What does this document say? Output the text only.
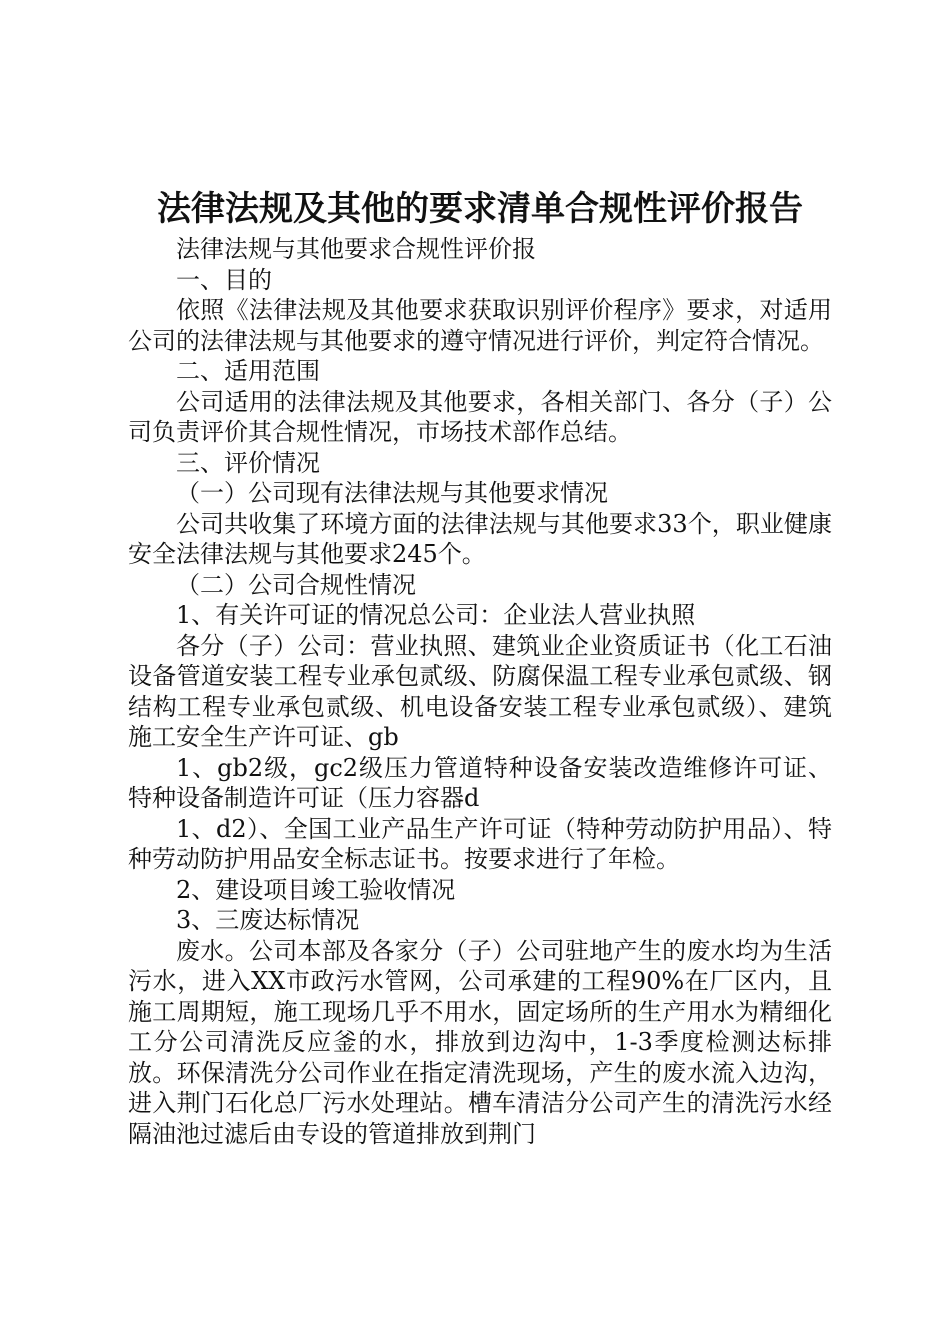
法律法规及其他的要求清单合规性评价报告

法律法规与其他要求合规性评价报

一、目的

依照《法律法规及其他要求获取识别评价程序》要求，对适用公司的法律法规与其他要求的遵守情况进行评价，判定符合情况。

二、适用范围

公司适用的法律法规及其他要求，各相关部门、各分（子）公司负责评价其合规性情况，市场技术部作总结。

三、评价情况

（一）公司现有法律法规与其他要求情况

公司共收集了环境方面的法律法规与其他要求33个，职业健康安全法律法规与其他要求245个。

（二）公司合规性情况

1、有关许可证的情况总公司：企业法人营业执照

各分（子）公司：营业执照、建筑业企业资质证书（化工石油设备管道安装工程专业承包贰级、防腐保温工程专业承包贰级、钢结构工程专业承包贰级、机电设备安装工程专业承包贰级）、建筑施工安全生产许可证、gb

1、gb2级，gc2级压力管道特种设备安装改造维修许可证、特种设备制造许可证（压力容器d

1、d2）、全国工业产品生产许可证（特种劳动防护用品）、特种劳动防护用品安全标志证书。按要求进行了年检。

2、建设项目竣工验收情况

3、三废达标情况

废水。公司本部及各家分（子）公司驻地产生的废水均为生活污水，进入XX市政污水管网，公司承建的工程90%在厂区内，且施工周期短，施工现场几乎不用水，固定场所的生产用水为精细化工分公司清洗反应釜的水，排放到边沟中，1-3季度检测达标排放。环保清洗分公司作业在指定清洗现场，产生的废水流入边沟，进入荆门石化总厂污水处理站。槽车清洁分公司产生的清洗污水经隔油池过滤后由专设的管道排放到荆门
